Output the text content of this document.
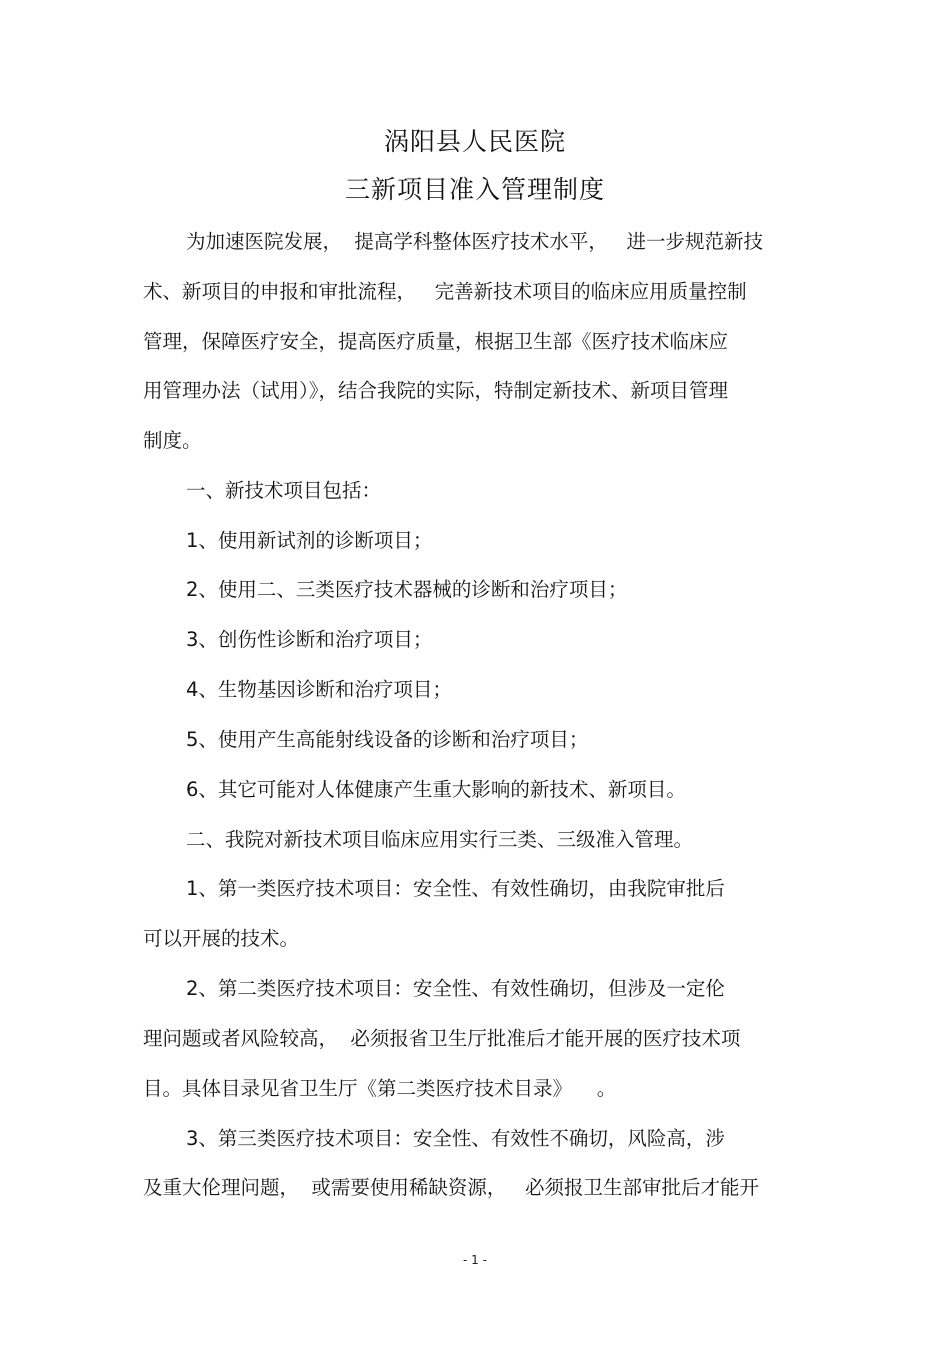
涡阳县人民医院
三新项目准入管理制度
为加速医院发展，  提高学科整体医疗技术水平，   进一步规范新技
术、新项目的申报和审批流程，   完善新技术项目的临床应用质量控制
管理，保障医疗安全，提高医疗质量，根据卫生部《医疗技术临床应
用管理办法（试用）》，结合我院的实际，特制定新技术、新项目管理
制度。
一、新技术项目包括：
1、使用新试剂的诊断项目；
2、使用二、三类医疗技术器械的诊断和治疗项目；
3、创伤性诊断和治疗项目；
4、生物基因诊断和治疗项目；
5、使用产生高能射线设备的诊断和治疗项目；
6、其它可能对人体健康产生重大影响的新技术、新项目。
二、我院对新技术项目临床应用实行三类、三级准入管理。
1、第一类医疗技术项目：安全性、有效性确切，由我院审批后
可以开展的技术。
2、第二类医疗技术项目：安全性、有效性确切，但涉及一定伦
理问题或者风险较高，  必须报省卫生厅批准后才能开展的医疗技术项
目。具体目录见省卫生厅《第二类医疗技术目录》    。
3、第三类医疗技术项目：安全性、有效性不确切，风险高，涉
及重大伦理问题，  或需要使用稀缺资源，   必须报卫生部审批后才能开
- 1 -
